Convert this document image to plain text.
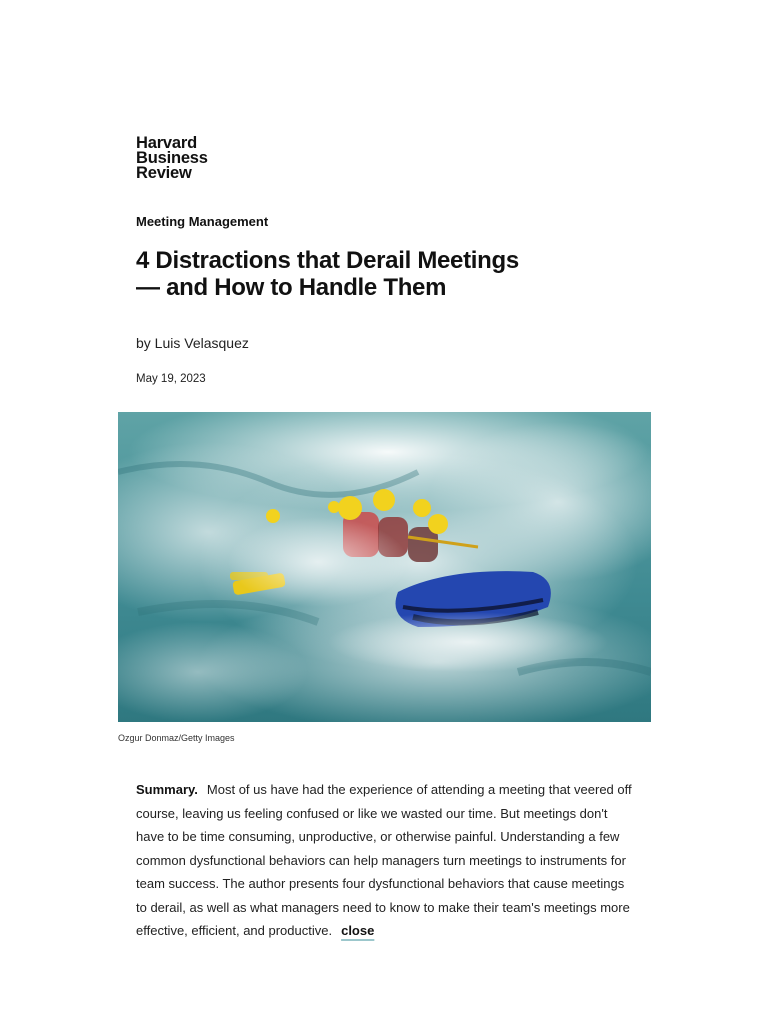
Harvard
Business
Review
Meeting Management
4 Distractions that Derail Meetings — and How to Handle Them
by Luis Velasquez
May 19, 2023
Ozgur Donmaz/Getty Images
Summary. Most of us have had the experience of attending a meeting that veered off course, leaving us feeling confused or like we wasted our time. But meetings don't have to be time consuming, unproductive, or otherwise painful. Understanding a few common dysfunctional behaviors can help managers turn meetings to instruments for team success. The author presents four dysfunctional behaviors that cause meetings to derail, as well as what managers need to know to make their team's meetings more effective, efficient, and productive. close
